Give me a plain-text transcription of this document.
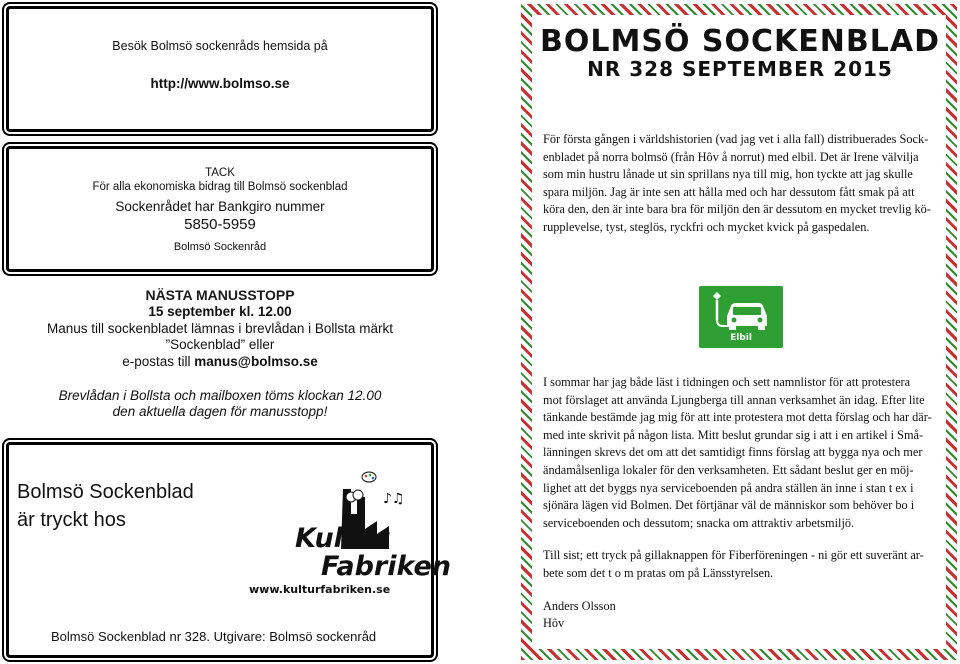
Besök Bolmsö sockenråds hemsida på
http://www.bolmso.se
TACK
För alla ekonomiska bidrag till Bolmsö sockenblad
Sockenrådet har Bankgiro nummer
5850-5959
Bolmsö Sockenråd
NÄSTA MANUSSTOPP
15 september kl. 12.00
Manus till sockenbladet lämnas i brevlådan i Bollsta märkt
”Sockenblad” eller
e-postas till manus@bolmso.se
Brevlådan i Bollsta och mailboxen töms klockan 12.00
den aktuella dagen för manusstopp!
Bolmsö Sockenblad
är tryckt hos
♪♫
Kultur
Fabriken
www.kulturfabriken.se
Bolmsö Sockenblad nr 328. Utgivare: Bolmsö sockenråd
BOLMSÖ SOCKENBLAD
NR 328 SEPTEMBER 2015

För första gången i världshistorien (vad jag vet i alla fall) distribuerades Sock-

enbladet på norra bolmsö (från Hôv å norrut) med elbil. Det är Irene välvilja

som min hustru lånade ut sin sprillans nya till mig, hon tyckte att jag skulle

spara miljön. Jag är inte sen att hålla med och har dessutom fått smak på att

köra den, den är inte bara bra för miljön den är dessutom en mycket trevlig kö-

rupplevelse, tyst, steglös, ryckfri och mycket kvick på gaspedalen.

Elbil

I sommar har jag både läst i tidningen och sett namnlistor för att protestera

mot förslaget att använda Ljungberga till annan verksamhet än idag. Efter lite

tänkande bestämde jag mig för att inte protestera mot detta förslag och har där-

med inte skrivit på någon lista. Mitt beslut grundar sig i att i en artikel i Små-

länningen skrevs det om att det samtidigt finns förslag att bygga nya och mer

ändamålsenliga lokaler för den verksamheten. Ett sådant beslut ger en möj-

lighet att det byggs nya serviceboenden på andra ställen än inne i stan t ex i

sjönära lägen vid Bolmen. Det förtjänar väl de människor som behöver bo i

serviceboenden och dessutom; snacka om attraktiv arbetsmiljö.

Till sist; ett tryck på gillaknappen för Fiberföreningen - ni gör ett suveränt ar-

bete som det t o m pratas om på Länsstyrelsen.

Anders Olsson

Hôv
